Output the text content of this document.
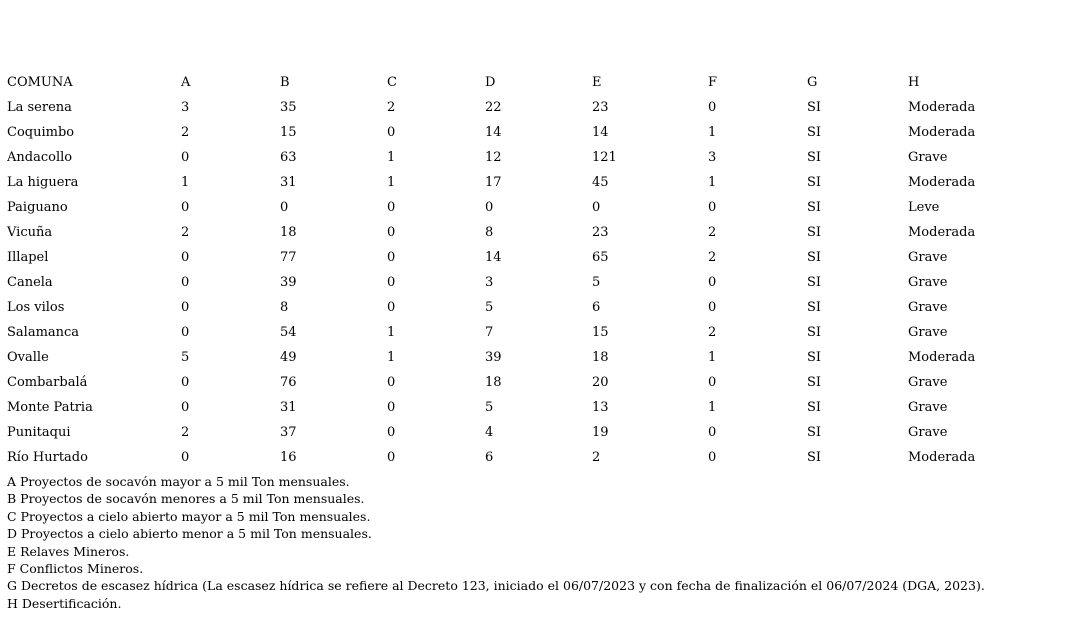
COMUNA	A	B	C	D	E	F	G	H
La serena	3	35	2	22	23	0	SI	Moderada
Coquimbo	2	15	0	14	14	1	SI	Moderada
Andacollo	0	63	1	12	121	3	SI	Grave
La higuera	1	31	1	17	45	1	SI	Moderada
Paiguano	0	0	0	0	0	0	SI	Leve
Vicuña	2	18	0	8	23	2	SI	Moderada
Illapel	0	77	0	14	65	2	SI	Grave
Canela	0	39	0	3	5	0	SI	Grave
Los vilos	0	8	0	5	6	0	SI	Grave
Salamanca	0	54	1	7	15	2	SI	Grave
Ovalle	5	49	1	39	18	1	SI	Moderada
Combarbalá	0	76	0	18	20	0	SI	Grave
Monte Patria	0	31	0	5	13	1	SI	Grave
Punitaqui	2	37	0	4	19	0	SI	Grave
Río Hurtado	0	16	0	6	2	0	SI	Moderada
A Proyectos de socavón mayor a 5 mil Ton mensuales.
B Proyectos de socavón menores a 5 mil Ton mensuales.
C Proyectos a cielo abierto mayor a 5 mil Ton mensuales.
D Proyectos a cielo abierto menor a 5 mil Ton mensuales.
E Relaves Mineros.
F Conflictos Mineros.
G Decretos de escasez hídrica (La escasez hídrica se refiere al Decreto 123, iniciado el 06/07/2023 y con fecha de finalización el 06/07/2024 (DGA, 2023).
H Desertificación.
